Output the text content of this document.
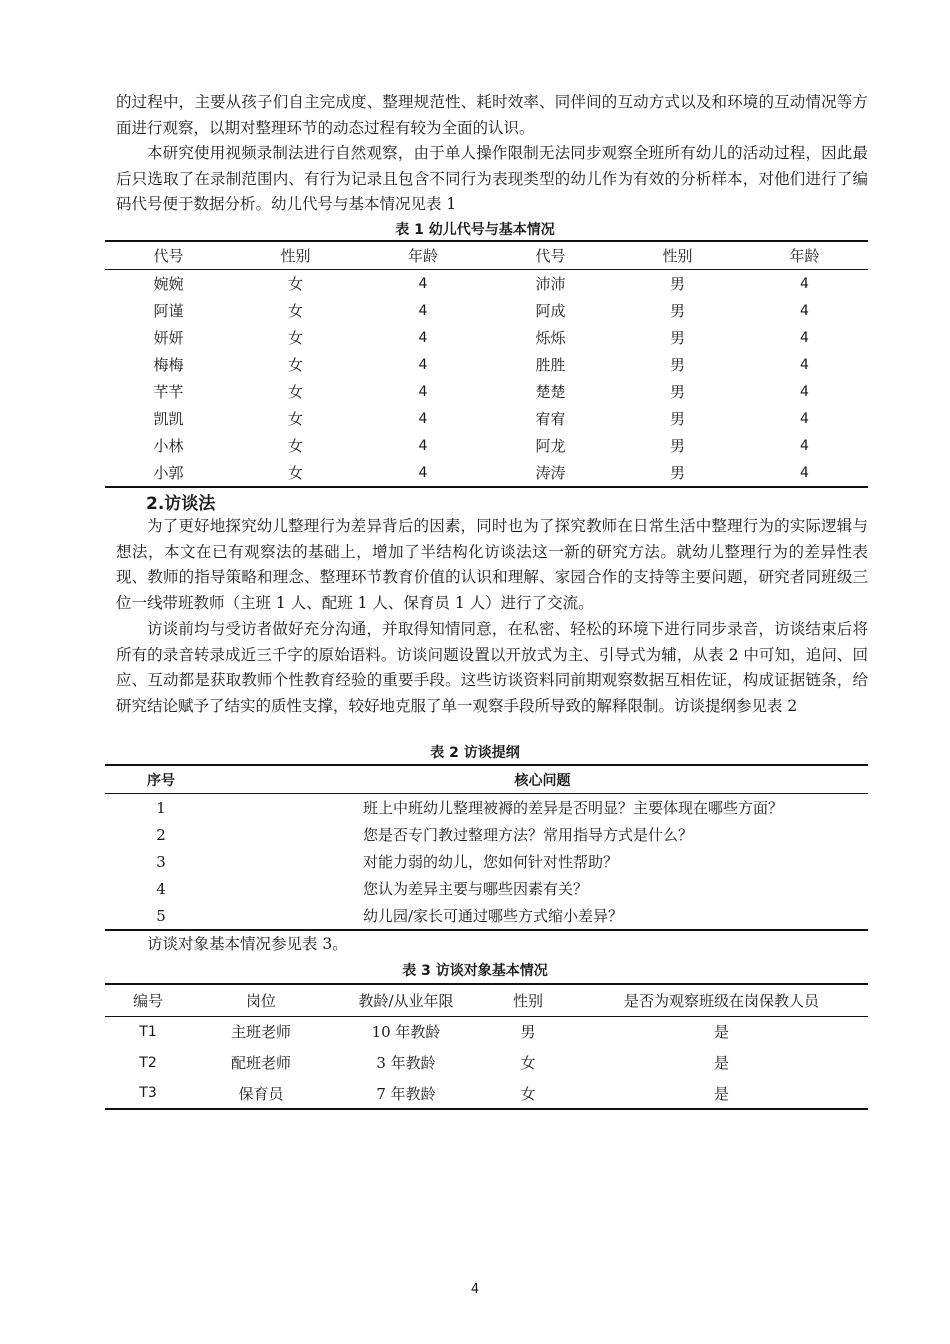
的过程中，主要从孩子们自主完成度、整理规范性、耗时效率、同伴间的互动方式以及和环境的互动情况等方面进行观察，以期对整理环节的动态过程有较为全面的认识。

本研究使用视频录制法进行自然观察，由于单人操作限制无法同步观察全班所有幼儿的活动过程，因此最后只选取了在录制范围内、有行为记录且包含不同行为表现类型的幼儿作为有效的分析样本，对他们进行了编码代号便于数据分析。幼儿代号与基本情况见表 1

表 1 幼儿代号与基本情况

代号	性别	年龄	代号	性别	年龄
婉婉	女	4	沛沛	男	4
阿谨	女	4	阿成	男	4
妍妍	女	4	烁烁	男	4
梅梅	女	4	胜胜	男	4
芊芊	女	4	楚楚	男	4
凯凯	女	4	宥宥	男	4
小林	女	4	阿龙	男	4
小郭	女	4	涛涛	男	4

2.访谈法

为了更好地探究幼儿整理行为差异背后的因素，同时也为了探究教师在日常生活中整理行为的实际逻辑与想法，本文在已有观察法的基础上，增加了半结构化访谈法这一新的研究方法。就幼儿整理行为的差异性表现、教师的指导策略和理念、整理环节教育价值的认识和理解、家园合作的支持等主要问题，研究者同班级三位一线带班教师（主班 1 人、配班 1 人、保育员 1 人）进行了交流。

访谈前均与受访者做好充分沟通，并取得知情同意，在私密、轻松的环境下进行同步录音，访谈结束后将所有的录音转录成近三千字的原始语料。访谈问题设置以开放式为主、引导式为辅，从表 2 中可知，追问、回应、互动都是获取教师个性教育经验的重要手段。这些访谈资料同前期观察数据互相佐证，构成证据链条，给研究结论赋予了结实的质性支撑，较好地克服了单一观察手段所导致的解释限制。访谈提纲参见表 2

表 2 访谈提纲

序号	核心问题
1	班上中班幼儿整理被褥的差异是否明显？主要体现在哪些方面？
2	您是否专门教过整理方法？常用指导方式是什么？
3	对能力弱的幼儿，您如何针对性帮助？
4	您认为差异主要与哪些因素有关？
5	幼儿园/家长可通过哪些方式缩小差异？

访谈对象基本情况参见表 3。

表 3 访谈对象基本情况

编号	岗位	教龄/从业年限	性别	是否为观察班级在岗保教人员
T1	主班老师	10 年教龄	男	是
T2	配班老师	3 年教龄	女	是
T3	保育员	7 年教龄	女	是
4
